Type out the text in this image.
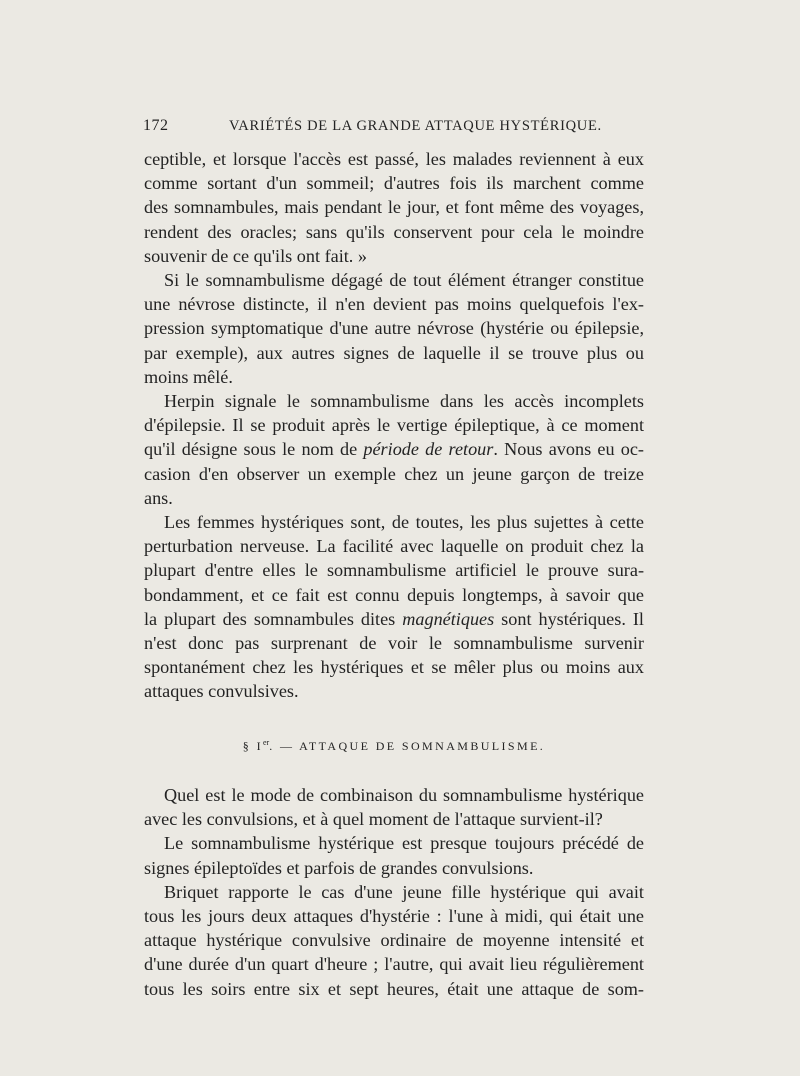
172	VARIÉTÉS DE LA GRANDE ATTAQUE HYSTÉRIQUE.
ceptible, et lorsque l'accès est passé, les malades reviennent à eux
comme sortant d'un sommeil; d'autres fois ils marchent comme
des somnambules, mais pendant le jour, et font même des voyages,
rendent des oracles; sans qu'ils conservent pour cela le moindre
souvenir de ce qu'ils ont fait. »
Si le somnambulisme dégagé de tout élément étranger constitue
une névrose distincte, il n'en devient pas moins quelquefois l'ex-
pression symptomatique d'une autre névrose (hystérie ou épilepsie,
par exemple), aux autres signes de laquelle il se trouve plus ou
moins mêlé.
Herpin signale le somnambulisme dans les accès incomplets
d'épilepsie. Il se produit après le vertige épileptique, à ce moment
qu'il désigne sous le nom de période de retour. Nous avons eu oc-
casion d'en observer un exemple chez un jeune garçon de treize
ans.
Les femmes hystériques sont, de toutes, les plus sujettes à cette
perturbation nerveuse. La facilité avec laquelle on produit chez la
plupart d'entre elles le somnambulisme artificiel le prouve sura-
bondamment, et ce fait est connu depuis longtemps, à savoir que
la plupart des somnambules dites magnétiques sont hystériques. Il
n'est donc pas surprenant de voir le somnambulisme survenir
spontanément chez les hystériques et se mêler plus ou moins aux
attaques convulsives.
§ Ier. — ATTAQUE DE SOMNAMBULISME.
Quel est le mode de combinaison du somnambulisme hystérique
avec les convulsions, et à quel moment de l'attaque survient-il?
Le somnambulisme hystérique est presque toujours précédé de
signes épileptoïdes et parfois de grandes convulsions.
Briquet rapporte le cas d'une jeune fille hystérique qui avait
tous les jours deux attaques d'hystérie : l'une à midi, qui était une
attaque hystérique convulsive ordinaire de moyenne intensité et
d'une durée d'un quart d'heure ; l'autre, qui avait lieu régulièrement
tous les soirs entre six et sept heures, était une attaque de som-
